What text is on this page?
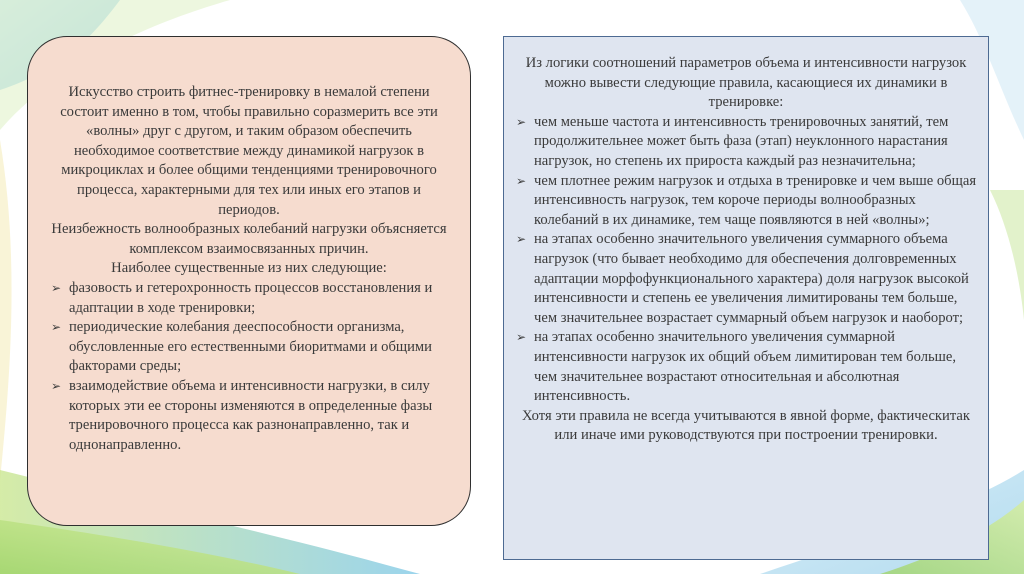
Искусство строить фитнес-тренировку в немалой степени состоит именно в том, чтобы правильно соразмерить все эти «волны» друг с другом, и таким образом обеспечить необходимое соответствие между динамикой нагрузок в микроциклах и более общими тенденциями тренировочного процесса, характерными для тех или иных его этапов и периодов.
Неизбежность волнообразных колебаний нагрузки объясняется комплексом взаимосвязанных причин.
Наиболее существенные из них следующие:
➢ фазовость и гетерохронность процессов восстановления и адаптации в ходе тренировки;
➢ периодические колебания дееспособности организма, обусловленные его естественными биоритмами и общими факторами среды;
➢ взаимодействие объема и интенсивности нагрузки, в силу которых эти ее стороны изменяются в определенные фазы тренировочного процесса как разнонаправленно, так и однонаправленно.
Из логики соотношений параметров объема и интенсивности нагрузок можно вывести следующие правила, касающиеся их динамики в тренировке:
➢ чем меньше частота и интенсивность тренировочных занятий, тем продолжительнее может быть фаза (этап) неуклонного нарастания нагрузок, но степень их прироста каждый раз незначительна;
➢ чем плотнее режим нагрузок и отдыха в тренировке и чем выше общая интенсивность нагрузок, тем короче периоды волнообразных колебаний в их динамике, тем чаще появляются в ней «волны»;
➢ на этапах особенно значительного увеличения суммарного объема нагрузок (что бывает необходимо для обеспечения долговременных адаптации морфофункционального характера) доля нагрузок высокой интенсивности и степень ее увеличения лимитированы тем больше, чем значительнее возрастает суммарный объем нагрузок и наоборот;
➢ на этапах особенно значительного увеличения суммарной интенсивности нагрузок их общий объем лимитирован тем больше, чем значительнее возрастают относительная и абсолютная интенсивность.
Хотя эти правила не всегда учитываются в явной форме, фактическитак или иначе ими руководствуются при построении тренировки.
